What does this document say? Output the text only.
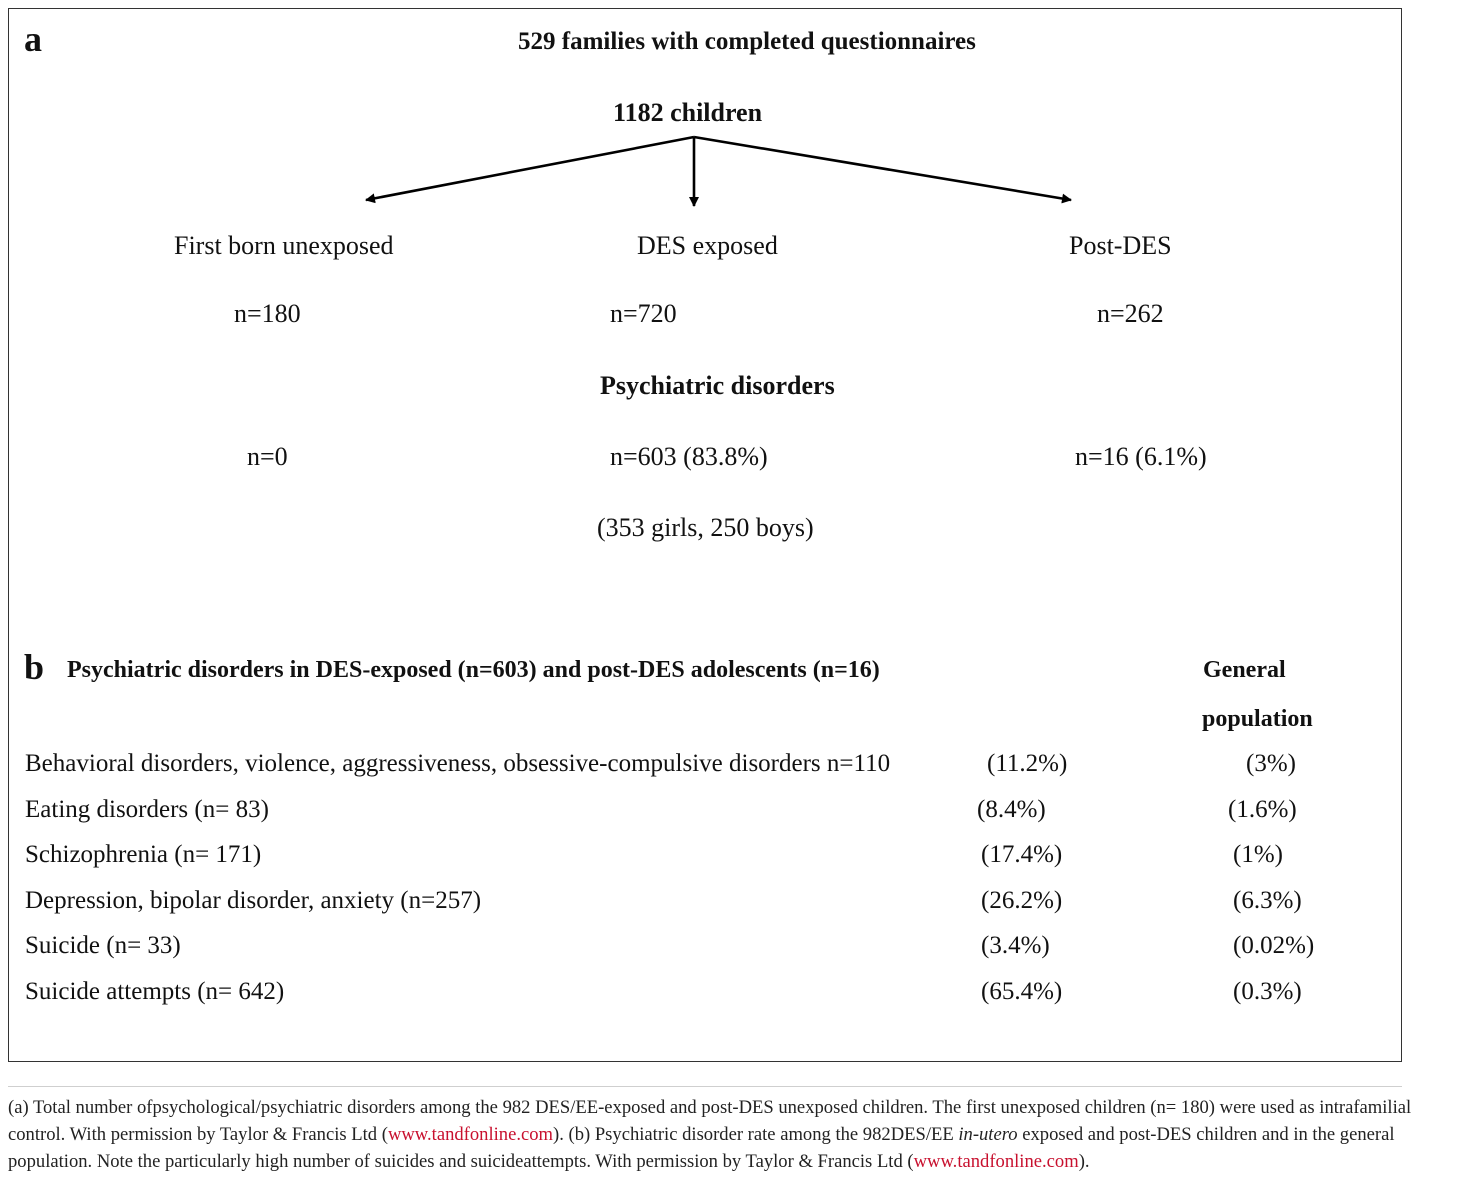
a	529 families with completed questionnaires
1182 children
First born unexposed	DES exposed	Post-DES
n=180	n=720	n=262
Psychiatric disorders
n=0	n=603 (83.8%)	n=16 (6.1%)
(353 girls, 250 boys)
b Psychiatric disorders in DES-exposed (n=603) and post-DES adolescents (n=16)	General
population
Behavioral disorders, violence, aggressiveness, obsessive-compulsive disorders n=110	(11.2%)	(3%)
Eating disorders (n= 83)	(8.4%)	(1.6%)
Schizophrenia (n= 171)	(17.4%)	(1%)
Depression, bipolar disorder, anxiety (n=257)	(26.2%)	(6.3%)
Suicide (n= 33)	(3.4%)	(0.02%)
Suicide attempts (n= 642)	(65.4%)	(0.3%)
(a) Total number ofpsychological/psychiatric disorders among the 982 DES/EE-exposed and post-DES unexposed children. The first unexposed children (n= 180) were used as intrafamilial control. With permission by Taylor & Francis Ltd (www.tandfonline.com). (b) Psychiatric disorder rate among the 982DES/EE in-utero exposed and post-DES children and in the general population. Note the particularly high number of suicides and suicideattempts. With permission by Taylor & Francis Ltd (www.tandfonline.com).
